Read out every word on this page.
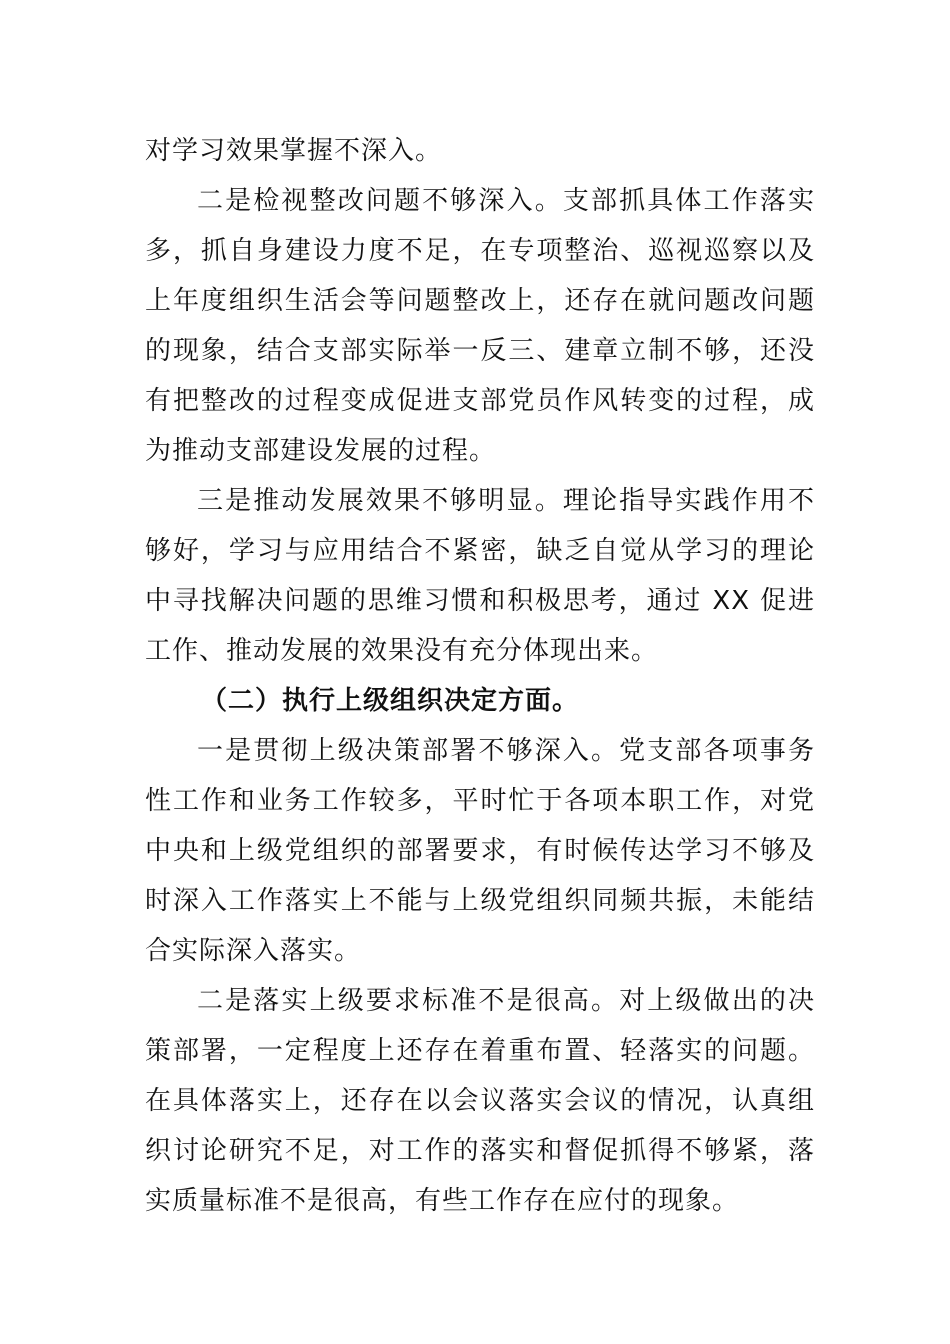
对学习效果掌握不深入。

二是检视整改问题不够深入。支部抓具体工作落实多，抓自身建设力度不足，在专项整治、巡视巡察以及上年度组织生活会等问题整改上，还存在就问题改问题的现象，结合支部实际举一反三、建章立制不够，还没有把整改的过程变成促进支部党员作风转变的过程，成为推动支部建设发展的过程。

三是推动发展效果不够明显。理论指导实践作用不够好，学习与应用结合不紧密，缺乏自觉从学习的理论中寻找解决问题的思维习惯和积极思考，通过 XX 促进工作、推动发展的效果没有充分体现出来。

（二）执行上级组织决定方面。

一是贯彻上级决策部署不够深入。党支部各项事务性工作和业务工作较多，平时忙于各项本职工作，对党中央和上级党组织的部署要求，有时候传达学习不够及时深入工作落实上不能与上级党组织同频共振，未能结合实际深入落实。

二是落实上级要求标准不是很高。对上级做出的决策部署，一定程度上还存在着重布置、轻落实的问题。在具体落实上，还存在以会议落实会议的情况，认真组织讨论研究不足，对工作的落实和督促抓得不够紧，落实质量标准不是很高，有些工作存在应付的现象。
